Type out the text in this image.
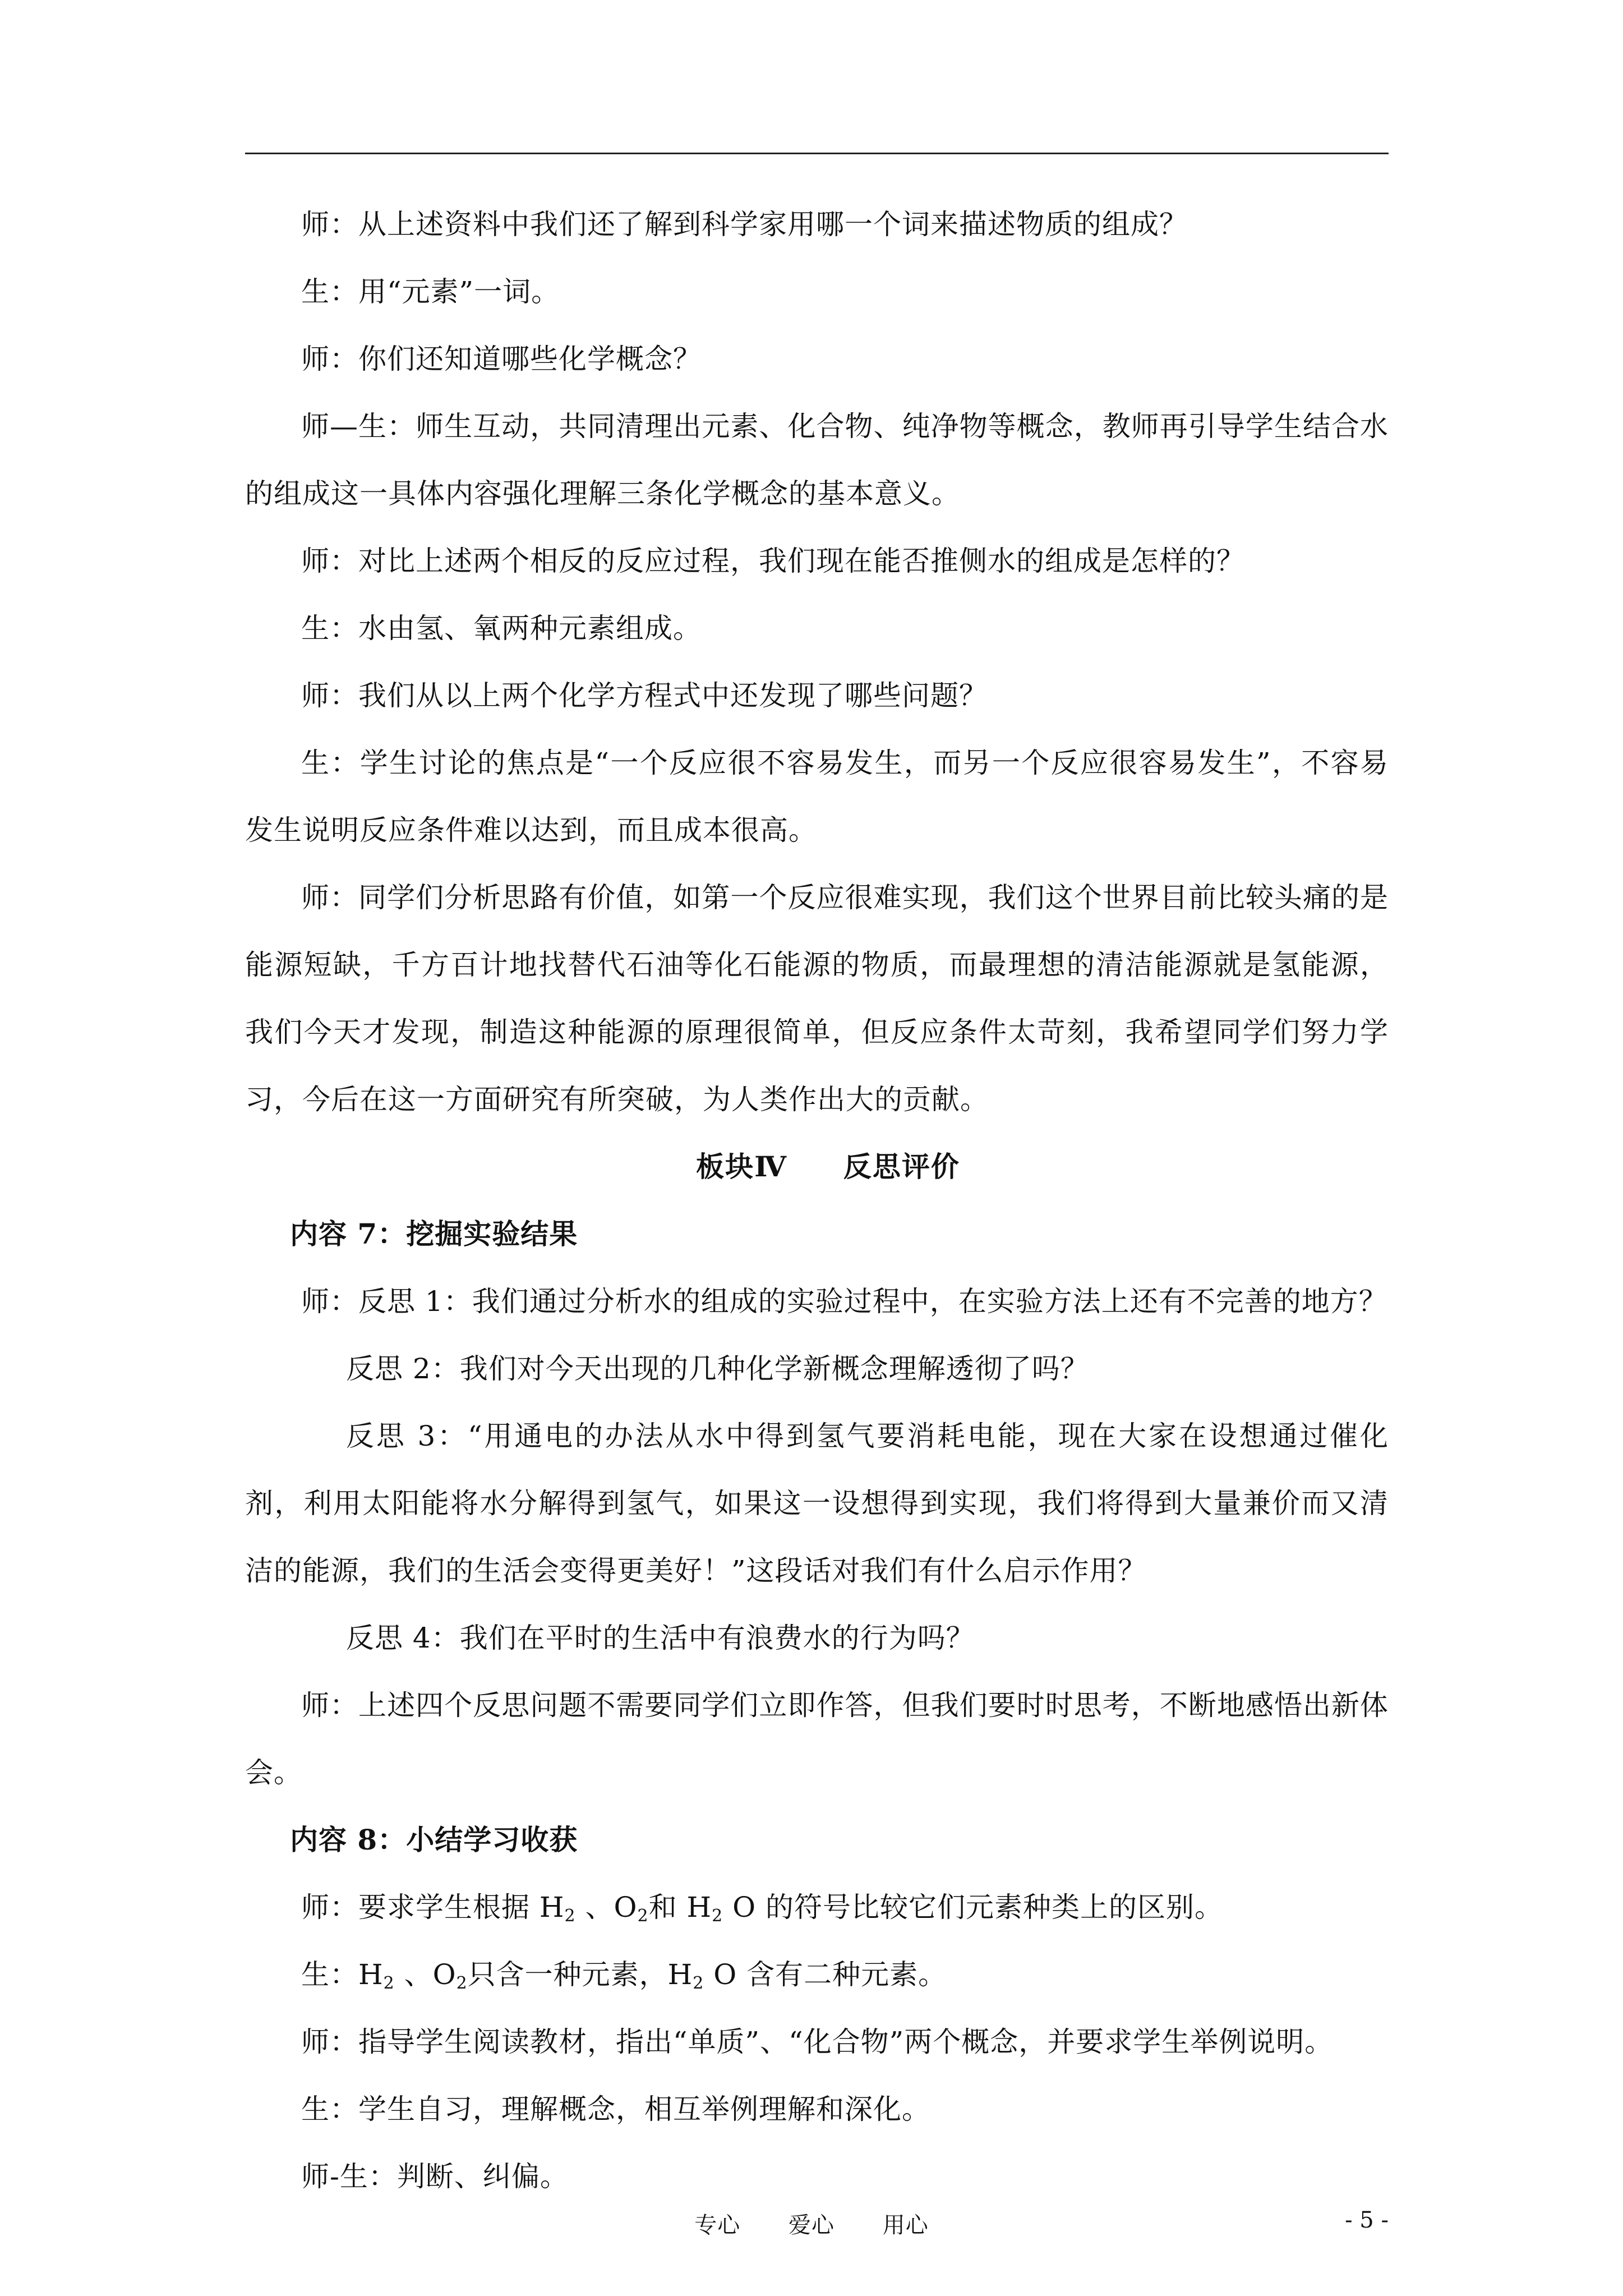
师：从上述资料中我们还了解到科学家用哪一个词来描述物质的组成？

生：用“元素”一词。

师：你们还知道哪些化学概念？

师—生：师生互动，共同清理出元素、化合物、纯净物等概念，教师再引导学生结合水的组成这一具体内容强化理解三条化学概念的基本意义。

师：对比上述两个相反的反应过程，我们现在能否推侧水的组成是怎样的？

生：水由氢、氧两种元素组成。

师：我们从以上两个化学方程式中还发现了哪些问题？

生：学生讨论的焦点是“一个反应很不容易发生，而另一个反应很容易发生”，不容易发生说明反应条件难以达到，而且成本很高。

师：同学们分析思路有价值，如第一个反应很难实现，我们这个世界目前比较头痛的是能源短缺，千方百计地找替代石油等化石能源的物质，而最理想的清洁能源就是氢能源，我们今天才发现，制造这种能源的原理很简单，但反应条件太苛刻，我希望同学们努力学习，今后在这一方面研究有所突破，为人类作出大的贡献。

板块Ⅳ 反思评价

内容 7：挖掘实验结果

师：反思 1：我们通过分析水的组成的实验过程中，在实验方法上还有不完善的地方？

反思 2：我们对今天出现的几种化学新概念理解透彻了吗？

反思 3：“用通电的办法从水中得到氢气要消耗电能，现在大家在设想通过催化剂，利用太阳能将水分解得到氢气，如果这一设想得到实现，我们将得到大量兼价而又清洁的能源，我们的生活会变得更美好！”这段话对我们有什么启示作用？

反思 4：我们在平时的生活中有浪费水的行为吗？

师：上述四个反思问题不需要同学们立即作答，但我们要时时思考，不断地感悟出新体会。

内容 8：小结学习收获

师：要求学生根据 $H_2$ 、$O_2$和 $H_2$ O 的符号比较它们元素种类上的区别。

生：$H_2$ 、$O_2$只含一种元素，$H_2$ O 含有二种元素。

师：指导学生阅读教材，指出“单质”、“化合物”两个概念，并要求学生举例说明。

生：学生自习，理解概念，相互举例理解和深化。

师-生：判断、纠偏。

专心 爱心 用心	- 5 -
